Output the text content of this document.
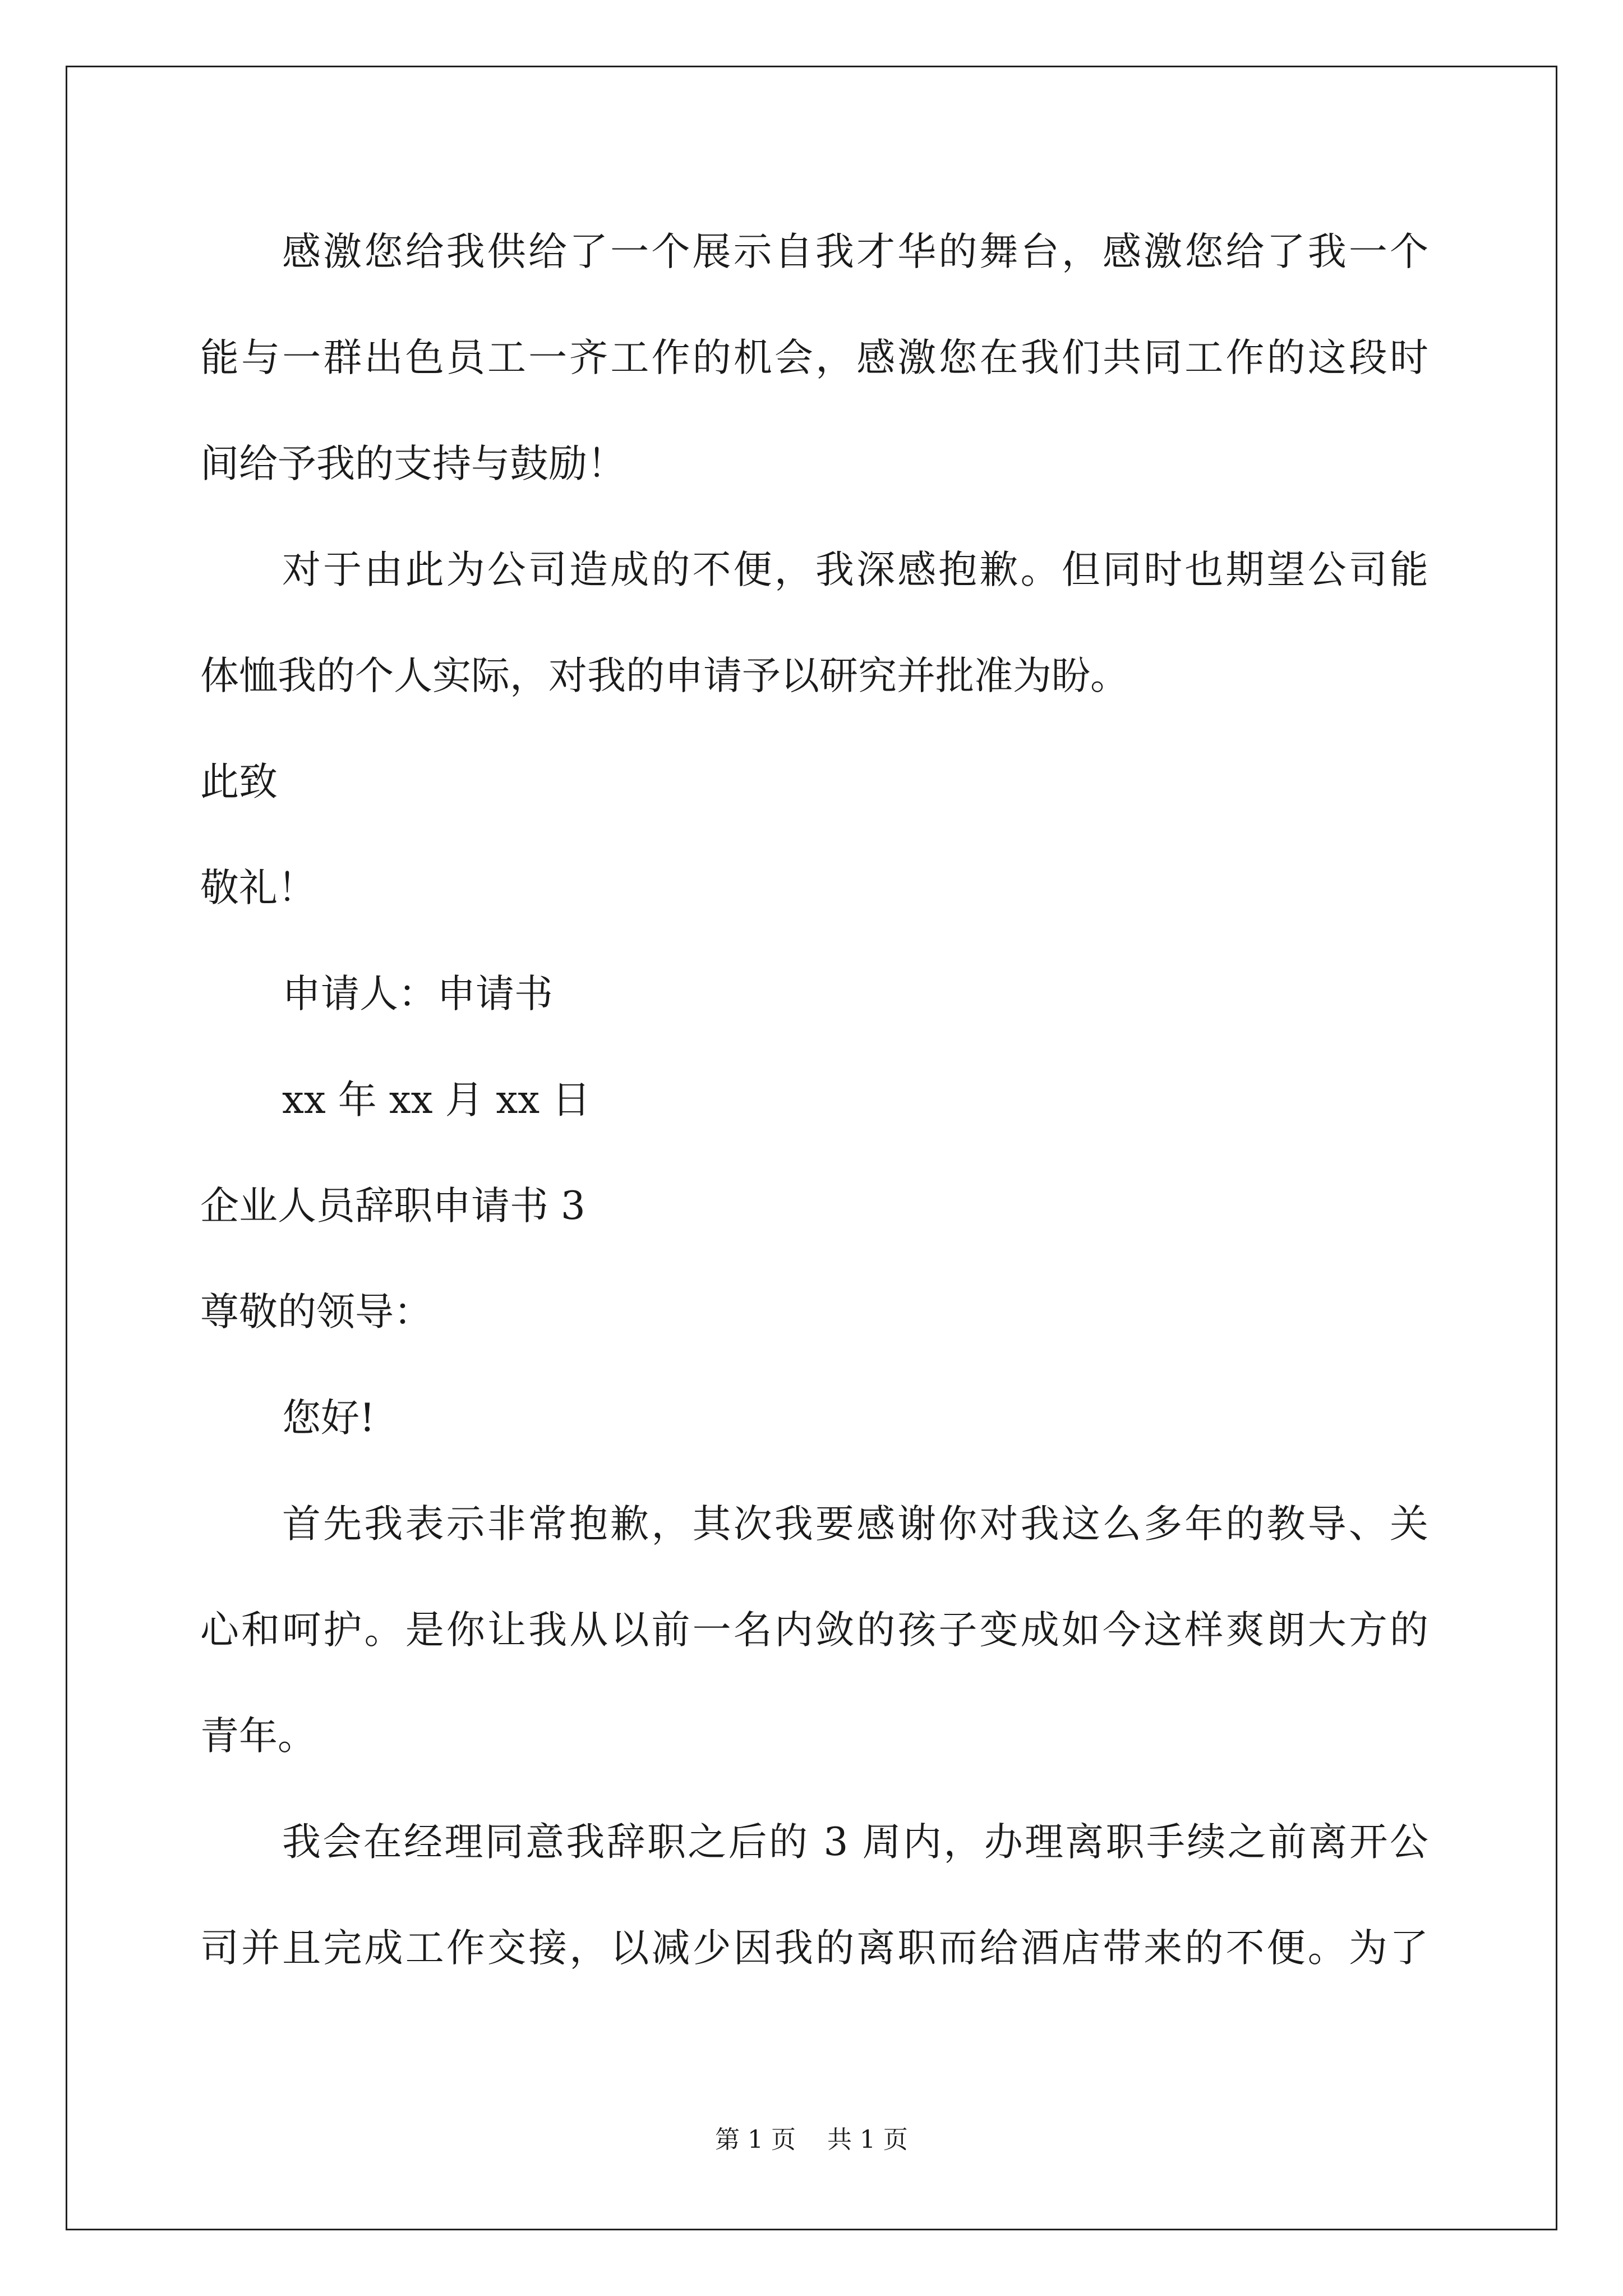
感激您给我供给了一个展示自我才华的舞台，感激您给了我一个
能与一群出色员工一齐工作的机会，感激您在我们共同工作的这段时
间给予我的支持与鼓励！
对于由此为公司造成的不便，我深感抱歉。但同时也期望公司能
体恤我的个人实际，对我的申请予以研究并批准为盼。
此致
敬礼！
申请人：申请书
xx 年 xx 月 xx 日
企业人员辞职申请书 3
尊敬的领导：
您好!
首先我表示非常抱歉，其次我要感谢你对我这么多年的教导、关
心和呵护。是你让我从以前一名内敛的孩子变成如今这样爽朗大方的
青年。
我会在经理同意我辞职之后的 3 周内，办理离职手续之前离开公
司并且完成工作交接，以减少因我的离职而给酒店带来的不便。为了
第 1 页    共 1 页
